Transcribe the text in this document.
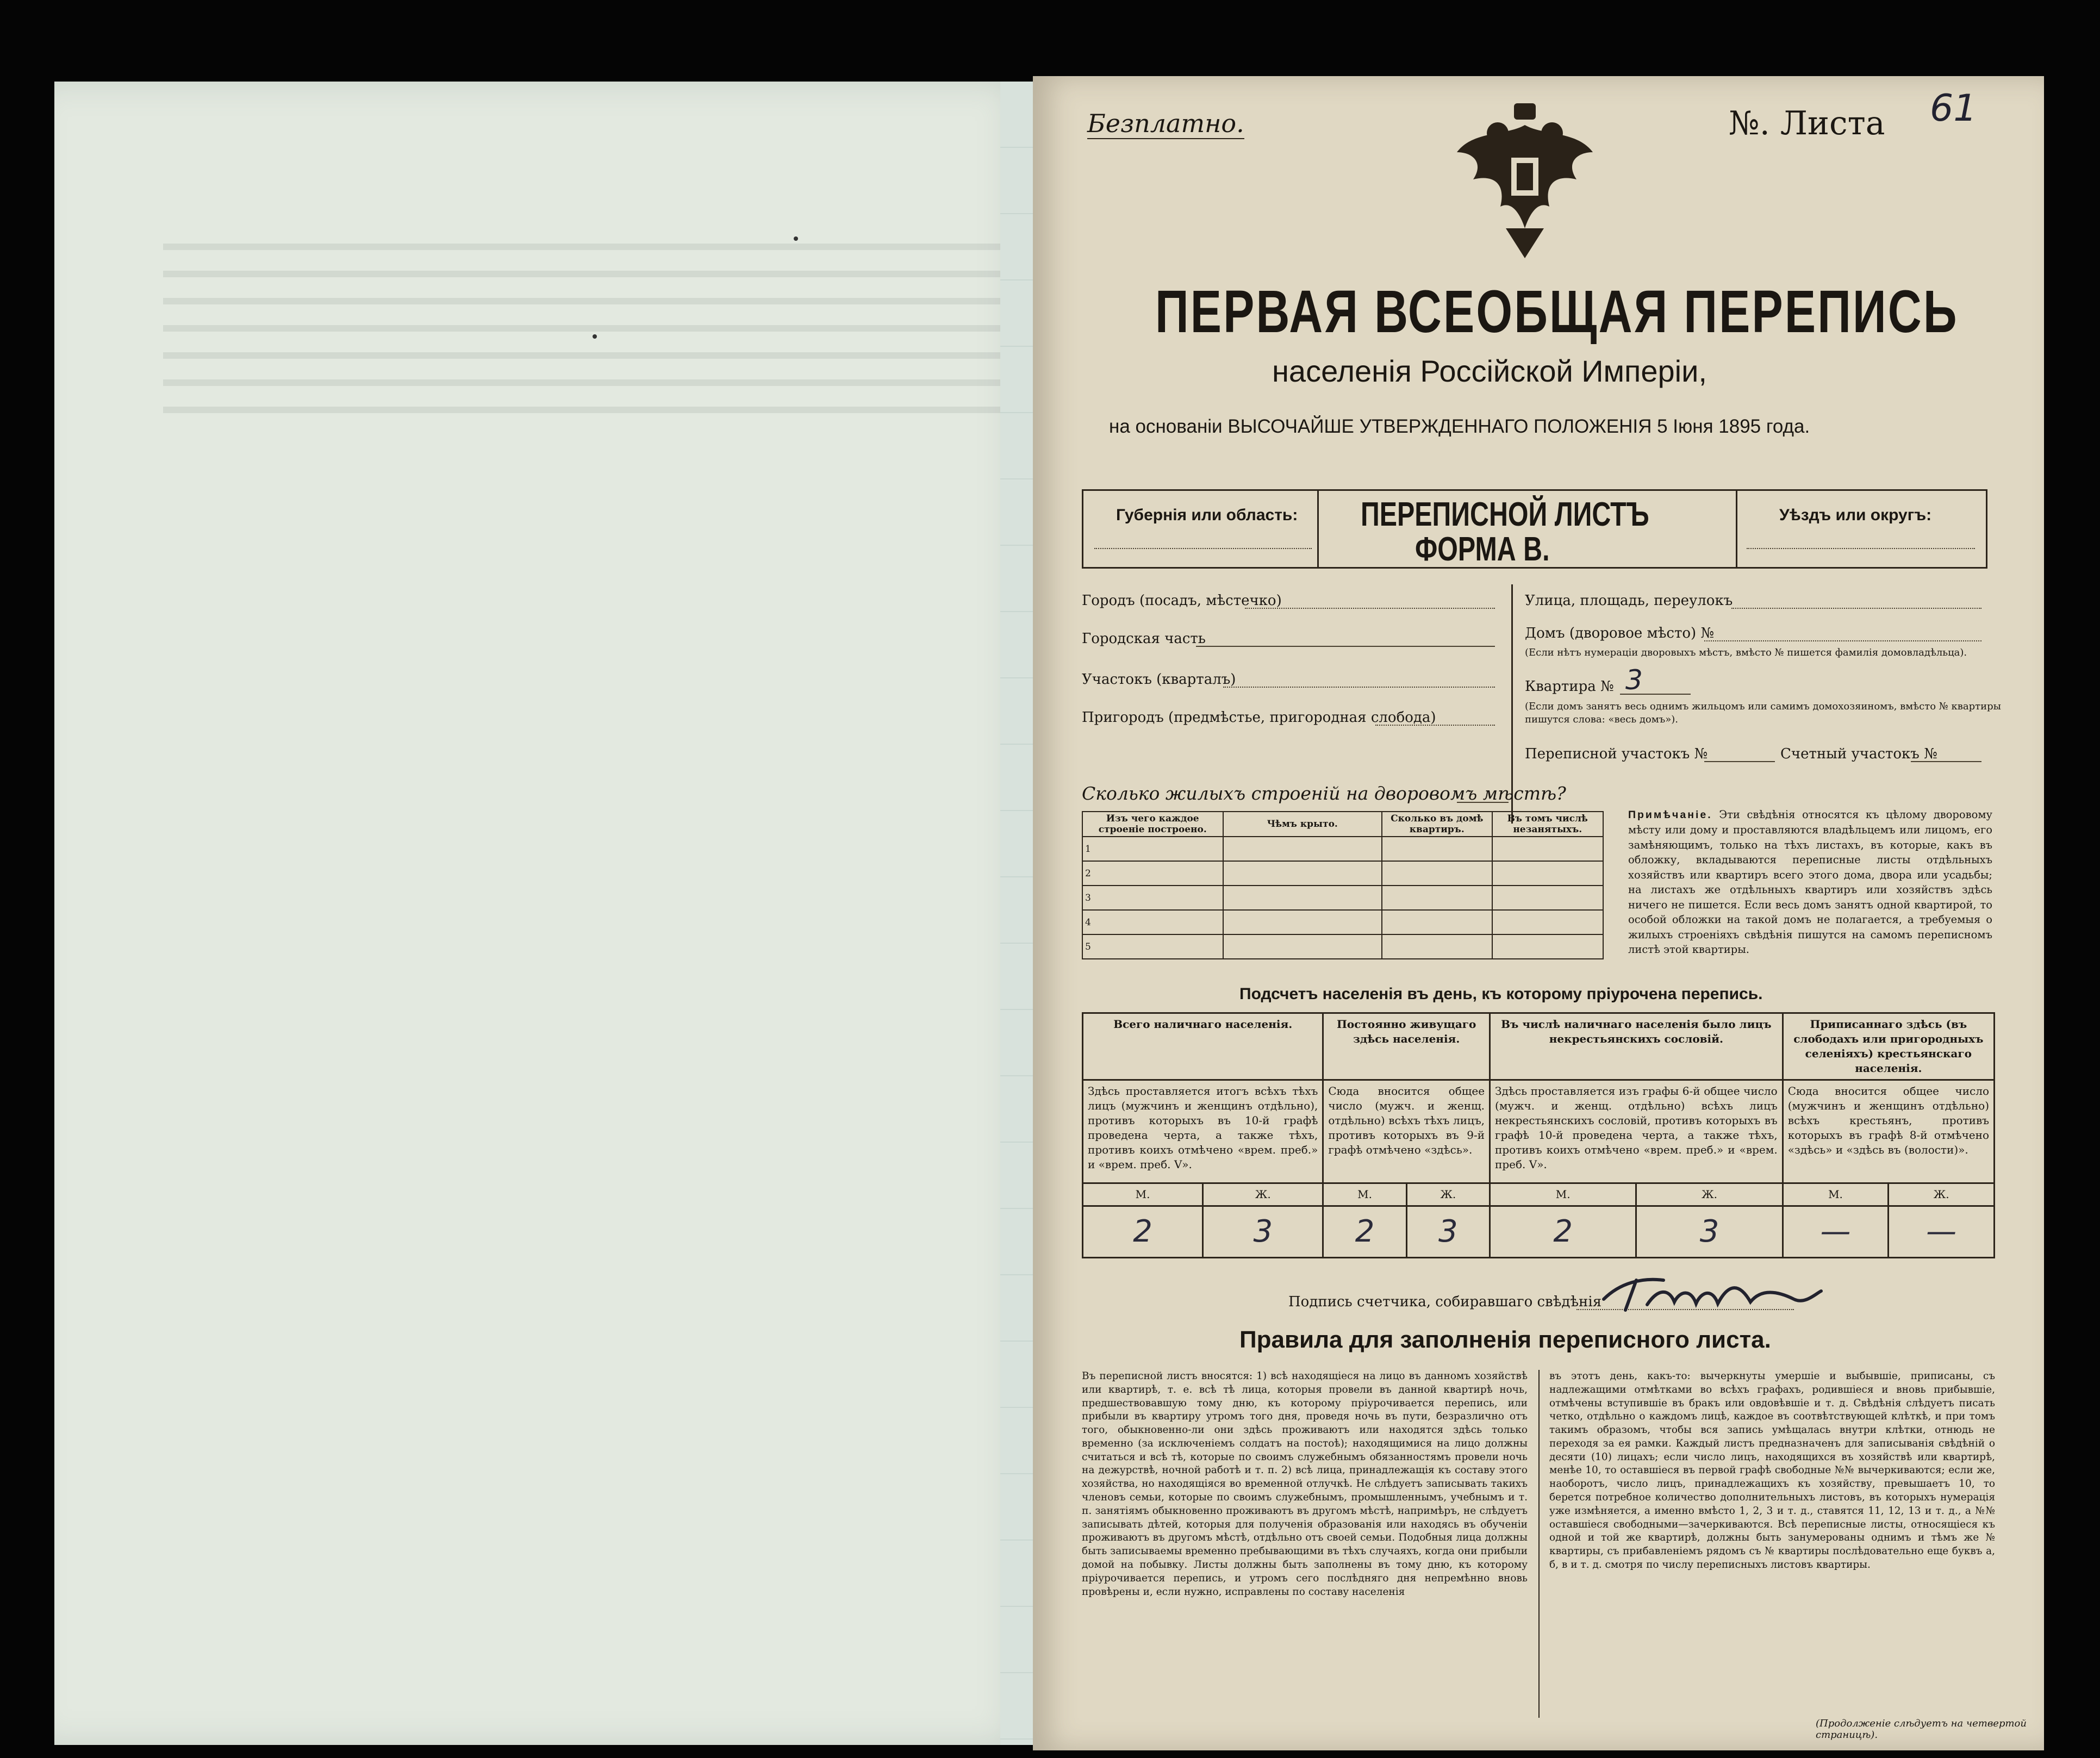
Безплатно.	№. Листа 61
ПЕРВАЯ ВСЕОБЩАЯ ПЕРЕПИСЬ
населенія Россійской Имперіи,
на основаніи ВЫСОЧАЙШЕ УТВЕРЖДЕННАГО ПОЛОЖЕНІЯ 5 Іюня 1895 года.
Губернія или область: ПЕРЕПИСНОЙ ЛИСТЪ
ФОРМА В.
Уѣздъ или округъ:
Городъ (посадъ, мѣстечко)
Городская часть
Участокъ (кварталъ)
Пригородъ (предмѣстье, пригородная слобода)
Улица, площадь, переулокъ
Домъ (дворовое мѣсто) №
(Если нѣтъ нумераціи дворовыхъ мѣстъ, вмѣсто № пишется фамилія домовладѣльца).
Квартира № 3
(Если домъ занятъ весь однимъ жильцомъ или самимъ домохозяиномъ, вмѣсто № квартиры пишутся слова: «весь домъ»).
Переписной участокъ №	Счетный участокъ №
Сколько жилыхъ строеній на дворовомъ мѣстѣ?
Изъ чего каждое строеніе построено.	Чѣмъ крыто.	Сколько въ домѣ квартиръ.	Въ томъ числѣ незанятыхъ.
1			
2			
3			
4			
5			
Примѣчаніе. Эти свѣдѣнія относятся къ цѣлому дворовому мѣсту или дому и проставляются владѣльцемъ или лицомъ, его замѣняющимъ, только на тѣхъ листахъ, въ которые, какъ въ обложку, вкладываются переписные листы отдѣльныхъ хозяйствъ или квартиръ всего этого дома, двора или усадьбы; на листахъ же отдѣльныхъ квартиръ или хозяйствъ здѣсь ничего не пишется. Если весь домъ занятъ одной квартирой, то особой обложки на такой домъ не полагается, а требуемыя о жилыхъ строеніяхъ свѣдѣнія пишутся на самомъ переписномъ листѣ этой квартиры.
Подсчетъ населенія въ день, къ которому пріурочена перепись.
Всего наличнаго населенія.		Постоянно живущаго здѣсь населенія.		Въ числѣ наличнаго населенія было лицъ некрестьянскихъ сословій.		Приписаннаго здѣсь (въ слободахъ или пригородныхъ селеніяхъ) крестьянскаго населенія.	
Здѣсь проставляется итогъ всѣхъ тѣхъ лицъ (мужчинъ и женщинъ отдѣльно), противъ которыхъ въ 10-й графѣ проведена черта, а также тѣхъ, противъ коихъ отмѣчено «врем. преб.» и «врем. преб. V».		Сюда вносится общее число (мужч. и женщ. отдѣльно) всѣхъ тѣхъ лицъ, противъ которыхъ въ 9-й графѣ отмѣчено «здѣсь».		Здѣсь проставляется изъ графы 6-й общее число (мужч. и женщ. отдѣльно) всѣхъ лицъ некрестьянскихъ сословій, противъ которыхъ въ графѣ 10-й проведена черта, а также тѣхъ, противъ коихъ отмѣчено «врем. преб.» и «врем. преб. V».		Сюда вносится общее число (мужчинъ и женщинъ отдѣльно) всѣхъ крестьянъ, противъ которыхъ въ графѣ 8-й отмѣчено «здѣсь» и «здѣсь въ (волости)».	
М.	Ж.	М.	Ж.	М.	Ж.	М.	Ж.
2	3	2	3	2	3	—	—
Подпись счетчика, собиравшаго свѣдѣнія
Правила для заполненія переписного листа.
Въ переписной листъ вносятся: 1) всѣ находящіеся на лицо въ данномъ хозяйствѣ или квартирѣ, т. е. всѣ тѣ лица, которыя провели въ данной квартирѣ ночь, предшествовавшую тому дню, къ которому пріурочивается перепись, или прибыли въ квартиру утромъ того дня, проведя ночь въ пути, безразлично отъ того, обыкновенно-ли они здѣсь проживаютъ или находятся здѣсь только временно (за исключеніемъ солдатъ на постоѣ); находящимися на лицо должны считаться и всѣ тѣ, которые по своимъ служебнымъ обязанностямъ провели ночь на дежурствѣ, ночной работѣ и т. п. 2) всѣ лица, принадлежащія къ составу этого хозяйства, но находящіяся во временной отлучкѣ. Не слѣдуетъ записывать такихъ членовъ семьи, которые по своимъ служебнымъ, промышленнымъ, учебнымъ и т. п. занятіямъ обыкновенно проживаютъ въ другомъ мѣстѣ, напримѣръ, не слѣдуетъ записывать дѣтей, которыя для полученія образованія или находясь въ обученіи проживаютъ въ другомъ мѣстѣ, отдѣльно отъ своей семьи. Подобныя лица должны быть записываемы временно пребывающими въ тѣхъ случаяхъ, когда они прибыли домой на побывку. Листы должны быть заполнены въ тому дню, къ которому пріурочивается перепись, и утромъ сего послѣдняго дня непремѣнно вновь провѣрены и, если нужно, исправлены по составу населенія
въ этотъ день, какъ-то: вычеркнуты умершіе и выбывшіе, приписаны, съ надлежащими отмѣтками во всѣхъ графахъ, родившіеся и вновь прибывшіе, отмѣчены вступившіе въ бракъ или овдовѣвшіе и т. д. Свѣдѣнія слѣдуетъ писать четко, отдѣльно о каждомъ лицѣ, каждое въ соотвѣтствующей клѣткѣ, и при томъ такимъ образомъ, чтобы вся запись умѣщалась внутри клѣтки, отнюдь не переходя за ея рамки. Каждый листъ предназначенъ для записыванія свѣдѣній о десяти (10) лицахъ; если число лицъ, находящихся въ хозяйствѣ или квартирѣ, менѣе 10, то оставшіеся въ первой графѣ свободные №№ вычеркиваются; если же, наоборотъ, число лицъ, принадлежащихъ къ хозяйству, превышаетъ 10, то берется потребное количество дополнительныхъ листовъ, въ которыхъ нумерація уже измѣняется, а именно вмѣсто 1, 2, 3 и т. д., ставятся 11, 12, 13 и т. д., а №№ оставшіеся свободными—зачеркиваются. Всѣ переписные листы, относящіеся къ одной и той же квартирѣ, должны быть занумерованы однимъ и тѣмъ же № квартиры, съ прибавленіемъ рядомъ съ № квартиры послѣдовательно еще буквъ а, б, в и т. д. смотря по числу переписныхъ листовъ квартиры.
(Продолженіе слѣдуетъ на четвертой страницѣ).
